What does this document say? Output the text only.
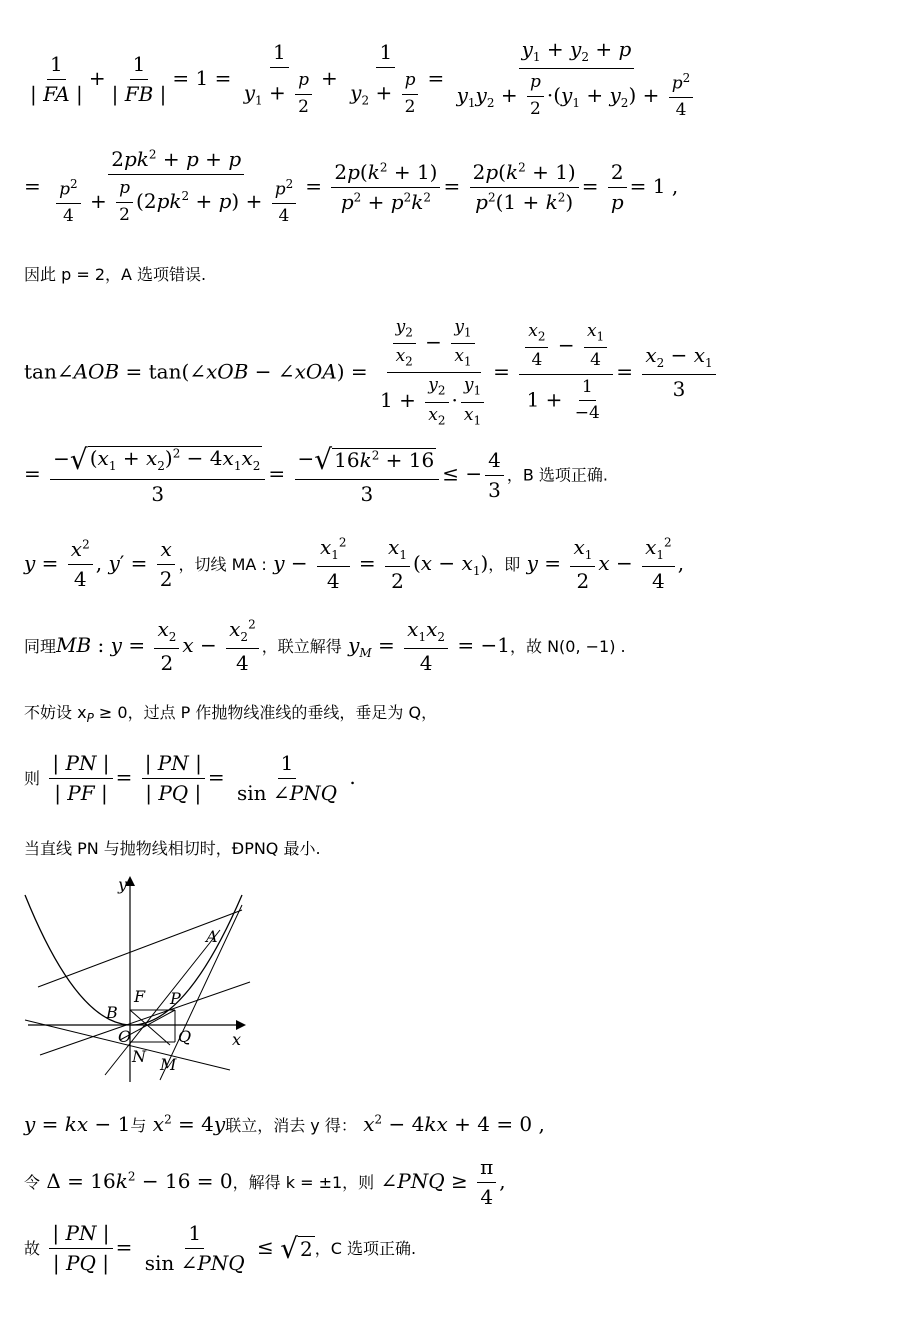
$\frac{1}{| FA |} + \frac{1}{| FB |} = 1 = \frac{1}{y_1 + \frac{p}{2}} + \frac{1}{y_2 + \frac{p}{2}} = \frac{y_1 + y_2 + p}{y_1y_2 + \frac{p}{2} \cdot(y_1 + y_2) + \frac{p^2}{4}}$
= $\frac{2pk^2 + p + p}{\frac{p^2}{4} + \frac{p}{2} (2pk^2 + p) + \frac{p^2}{4}} = \frac{2p(k^2 + 1)}{p^2 + p^2k^2} = \frac{2p(k^2 + 1)}{p^2(1 + k^2)} = \frac{2}{p} = 1$ ,
因此 p = 2，A 选项错误.
tan∠AOB = tan(∠xOB − ∠xOA) = $\frac{\frac{y_2}{x_2} - \frac{y_1}{x_1}}{1 + \frac{y_2}{x_2} \cdot \frac{y_1}{x_1}} = \frac{\frac{x_2}{4} - \frac{x_1}{4}}{1 + \frac{1}{-4}} = \frac{x_2 - x_1}{3}$
= $\frac{- √ (x_1 + x_2)^2 - 4x_1x_2}{3} = \frac{- √ 16k^2 + 16}{3}$ ≤ − $\frac{4}{3}$ ，B 选项正确.
$y = \frac{x^2}{4}$ , $y' = \frac{x}{2}$ ，切线 MA : $y - \frac{x_1^2}{4} = \frac{x_1}{2} (x - x_1)$，即 $y = \frac{x_1}{2}$ $x - \frac{x_1^2}{4}$ ,
同理MB : $y = \frac{x_2}{2}$ $x - \frac{x_2^2}{4}$ ，联立解得 $y_M = \frac{x_1x_2}{4} = -1$，故 N(0, −1) .
不妨设 $x_P \ge 0$，过点 P 作抛物线准线的垂线，垂足为 Q，
则 $\frac{| PN |}{| PF |} = \frac{| PN |}{| PQ |} = \frac{1}{\text{sin ∠PNQ}}$ .
当直线 PN 与抛物线相切时，ÐPNQ 最小.
y
x
A
B
F P
O	Q
N M
y = kx − 1与 $x^2 = 4y$联立，消去 y 得： $x^2 - 4kx + 4 = 0$ ,
令 $\Delta = 16k^2 - 16 = 0$，解得 k = ±1，则 ∠PNQ ≥ $\frac{\pi}{4}$ ,
故 $\frac{| PN |}{| PQ |} = \frac{1}{\text{sin ∠PNQ}}$ ≤ √ 2 ，C 选项正确.
